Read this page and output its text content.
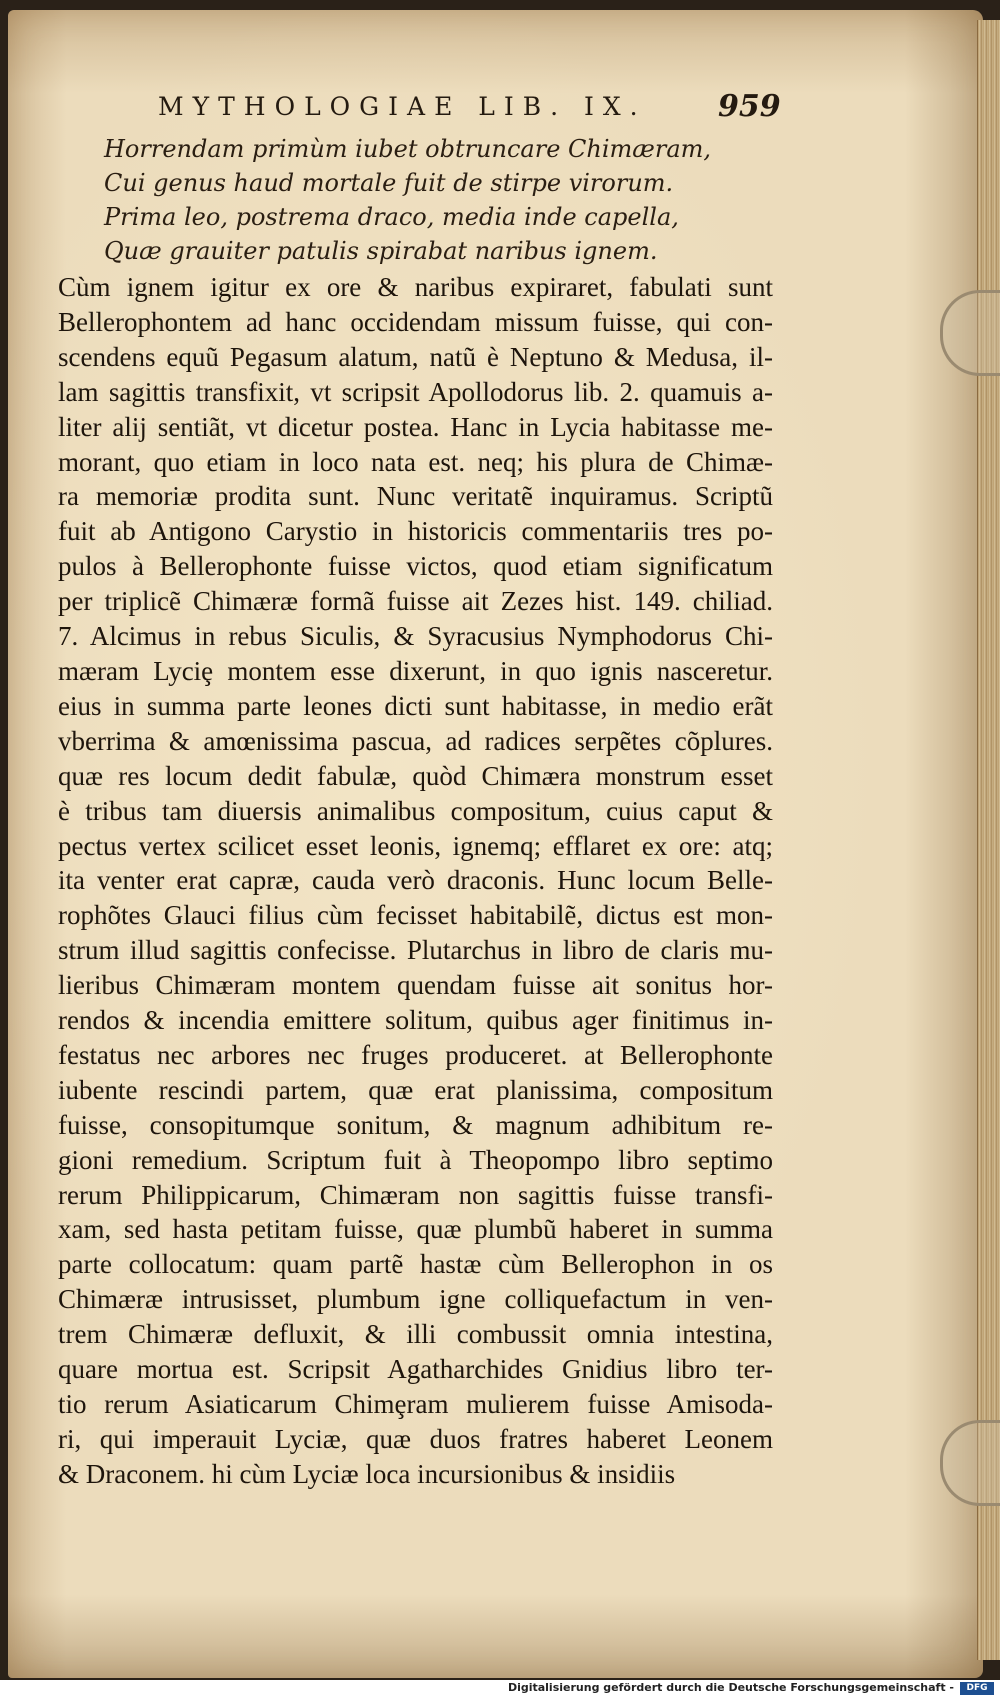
MYTHOLOGIAE LIB. IX. 959
Horrendam primùm iubet obtruncare Chimæram,
Cui genus haud mortale fuit de stirpe virorum.
Prima leo, postrema draco, media inde capella,
Quæ grauiter patulis spirabat naribus ignem.
Cùm ignem igitur ex ore & naribus expiraret, fabulati sunt
Bellerophontem ad hanc occidendam missum fuisse, qui con-
scendens equũ Pegasum alatum, natũ è Neptuno & Medusa, il-
lam sagittis transfixit, vt scripsit Apollodorus lib. 2. quamuis a-
liter alij sentiãt, vt dicetur postea. Hanc in Lycia habitasse me-
morant, quo etiam in loco nata est. neq; his plura de Chimæ-
ra memoriæ prodita sunt. Nunc veritatẽ inquiramus. Scriptũ
fuit ab Antigono Carystio in historicis commentariis tres po-
pulos à Bellerophonte fuisse victos, quod etiam significatum
per triplicẽ Chimæræ formã fuisse ait Zezes hist. 149. chiliad.
7. Alcimus in rebus Siculis, & Syracusius Nymphodorus Chi-
mæram Lyciȩ montem esse dixerunt, in quo ignis nasceretur.
eius in summa parte leones dicti sunt habitasse, in medio erãt
vberrima & amœnissima pascua, ad radices serpẽtes cõplures.
quæ res locum dedit fabulæ, quòd Chimæra monstrum esset
è tribus tam diuersis animalibus compositum, cuius caput &
pectus vertex scilicet esset leonis, ignemq; efflaret ex ore: atq;
ita venter erat capræ, cauda verò draconis. Hunc locum Belle-
rophõtes Glauci filius cùm fecisset habitabilẽ, dictus est mon-
strum illud sagittis confecisse. Plutarchus in libro de claris mu-
lieribus Chimæram montem quendam fuisse ait sonitus hor-
rendos & incendia emittere solitum, quibus ager finitimus in-
festatus nec arbores nec fruges produceret. at Bellerophonte
iubente rescindi partem, quæ erat planissima, compositum
fuisse, consopitumque sonitum, & magnum adhibitum re-
gioni remedium. Scriptum fuit à Theopompo libro septimo
rerum Philippicarum, Chimæram non sagittis fuisse transfi-
xam, sed hasta petitam fuisse, quæ plumbũ haberet in summa
parte collocatum: quam partẽ hastæ cùm Bellerophon in os
Chimæræ intrusisset, plumbum igne colliquefactum in ven-
trem Chimæræ defluxit, & illi combussit omnia intestina,
quare mortua est. Scripsit Agatharchides Gnidius libro ter-
tio rerum Asiaticarum Chimȩram mulierem fuisse Amisoda-
ri, qui imperauit Lyciæ, quæ duos fratres haberet Leonem
& Draconem. hi cùm Lyciæ loca incursionibus & insidiis
Digitalisierung gefördert durch die Deutsche Forschungsgemeinschaft -	DFG
